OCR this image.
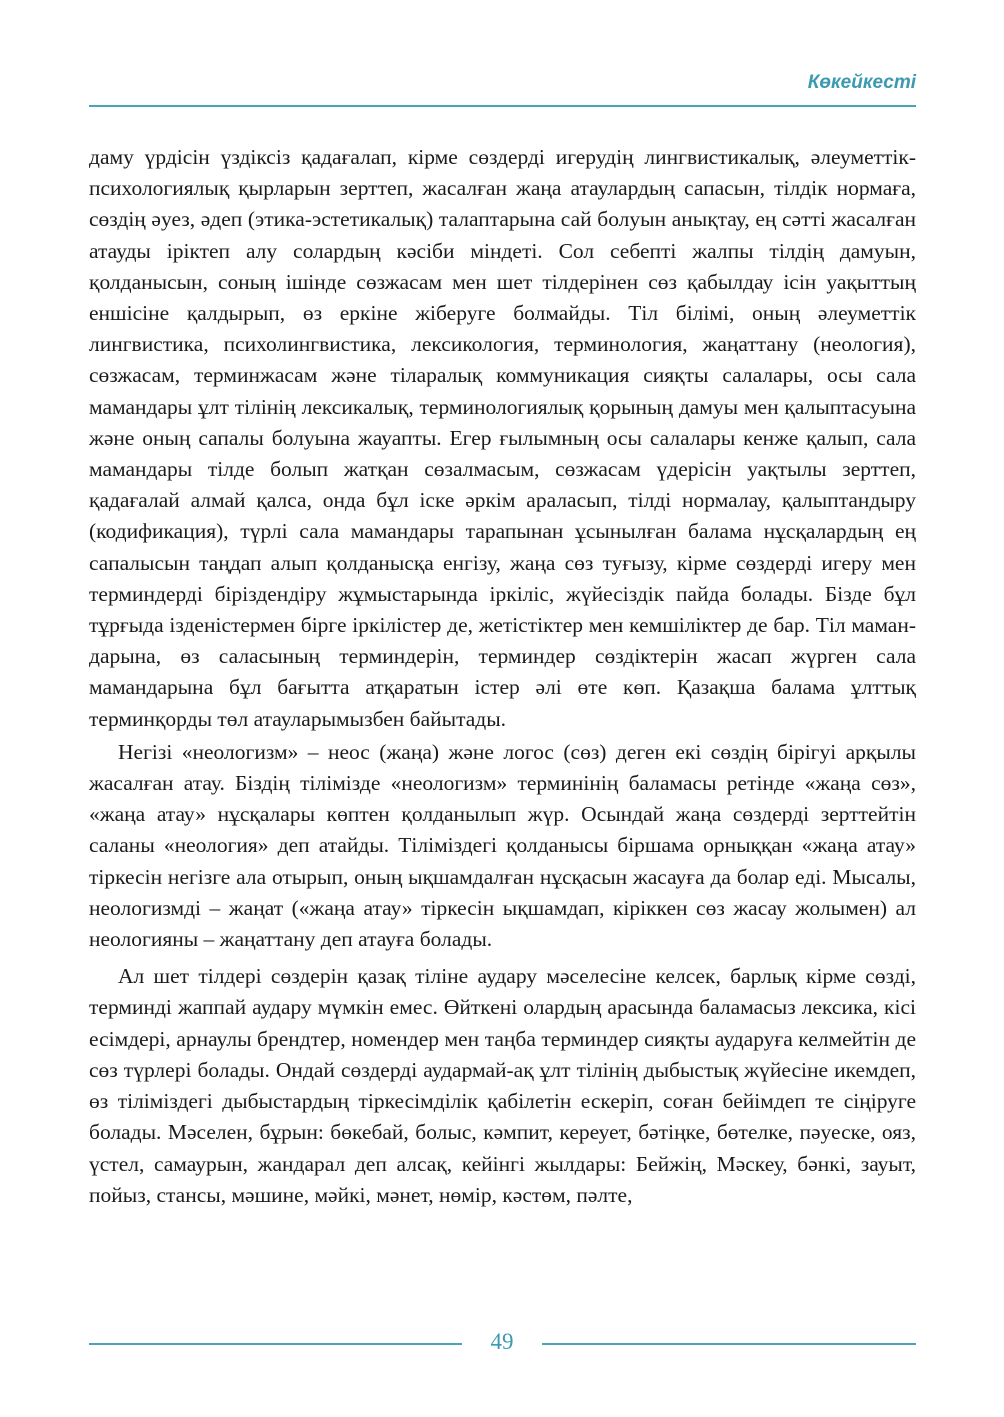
Көкейкесті

даму үрдісін үздіксіз қадағалап, кірме сөздерді игерудің лингвистикалық, әлеуметтік-психологиялық қырларын зерттеп, жасалған жаңа атаулардың сапасын, тілдік нормаға, сөздің әуез, әдеп (этика-эстетикалық) талаптарына сай болуын анықтау, ең сәтті жасалған атауды іріктеп алу солардың кәсіби міндеті. Сол себепті жалпы тілдің дамуын, қолданысын, соның ішінде сөзжасам мен шет тілдерінен сөз қабылдау ісін уақыттың еншісіне қалдырып, өз еркіне жіберуге болмайды. Тіл білімі, оның әлеуметтік лингвистика, психолингвистика, лексикология, терминология, жаңаттану (неология), сөзжасам, терминжасам және тіларалық коммуникация сияқты салалары, осы сала мамандары ұлт тілінің лексикалық, терминологиялық қорының дамуы мен қалыптасуына және оның сапалы болуына жауапты. Егер ғылымның осы салалары кенже қалып, сала мамандары тілде болып жатқан сөзалмасым, сөзжасам үдерісін уақтылы зерттеп, қадағалай алмай қалса, онда бұл іске әркім араласып, тілді нормалау, қалыптандыру (кодификация), түрлі сала мамандары тарапынан ұсынылған балама нұсқалардың ең сапалысын таңдап алып қолданысқа енгізу, жаңа сөз туғызу, кірме сөздерді игеру мен терминдерді біріздендіру жұмыстарында іркіліс, жүйесіздік пайда болады. Бізде бұл тұрғыда ізденістермен бірге іркілістер де, жетістіктер мен кемшіліктер де бар. Тіл мамандарына, өз саласының терминдерін, терминдер сөздіктерін жасап жүрген сала мамандарына бұл бағытта атқаратын істер әлі өте көп. Қазақша балама ұлттық терминқорды төл атауларымызбен байытады.

Негізі «неологизм» – неос (жаңа) және логос (сөз) деген екі сөздің бірігуі арқылы жасалған атау. Біздің тілімізде «неологизм» терминінің баламасы ретінде «жаңа сөз», «жаңа атау» нұсқалары көптен қолданылып жүр. Осындай жаңа сөздерді зерттейтін саланы «неология» деп атайды. Тіліміздегі қолданысы біршама орныққан «жаңа атау» тіркесін негізге ала отырып, оның ықшамдалған нұсқасын жасауға да болар еді. Мысалы, неологизмді – жаңат («жаңа атау» тіркесін ықшамдап, кіріккен сөз жасау жолымен) ал неологияны – жаңаттану деп атауға болады.

Ал шет тілдері сөздерін қазақ тіліне аудару мәселесіне келсек, барлық кірме сөзді, терминді жаппай аудару мүмкін емес. Өйткені олардың арасында баламасыз лексика, кісі есімдері, арнаулы брендтер, номендер мен таңба терминдер сияқты аударуға келмейтін де сөз түрлері болады. Ондай сөздерді аудармай-ақ ұлт тілінің дыбыстық жүйесіне икемдеп, өз тіліміздегі дыбыстардың тіркесімділік қабілетін ескеріп, соған бейімдеп те сіңіруге болады. Мәселен, бұрын: бөкебай, болыс, кәмпит, кереует, бәтіңке, бөтелке, пәуеске, ояз, үстел, самаурын, жандарал деп алсақ, кейінгі жылдары: Бейжің, Мәскеу, бәнкі, зауыт, пойыз, стансы, мәшине, мәйкі, мәнет, нөмір, кәстөм, пәлте,

49
